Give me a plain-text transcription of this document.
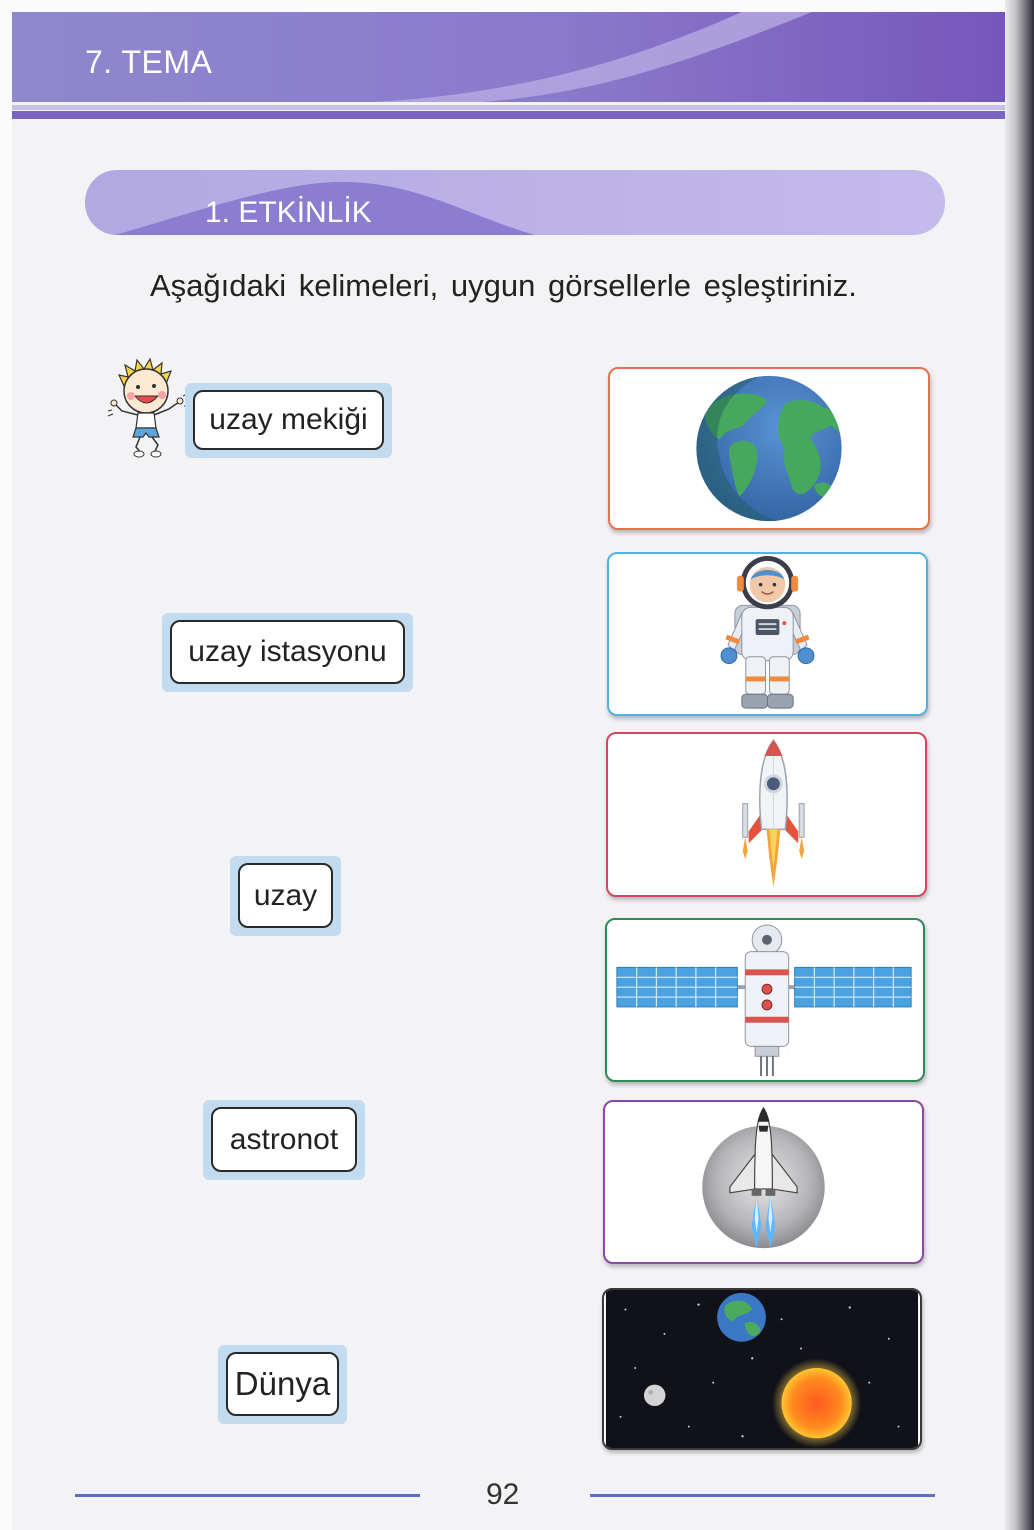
7. TEMA
1. ETKİNLİK
Aşağıdaki kelimeleri, uygun görsellerle eşleştiriniz.
uzay mekiği
uzay istasyonu
uzay
astronot
Dünya
92
